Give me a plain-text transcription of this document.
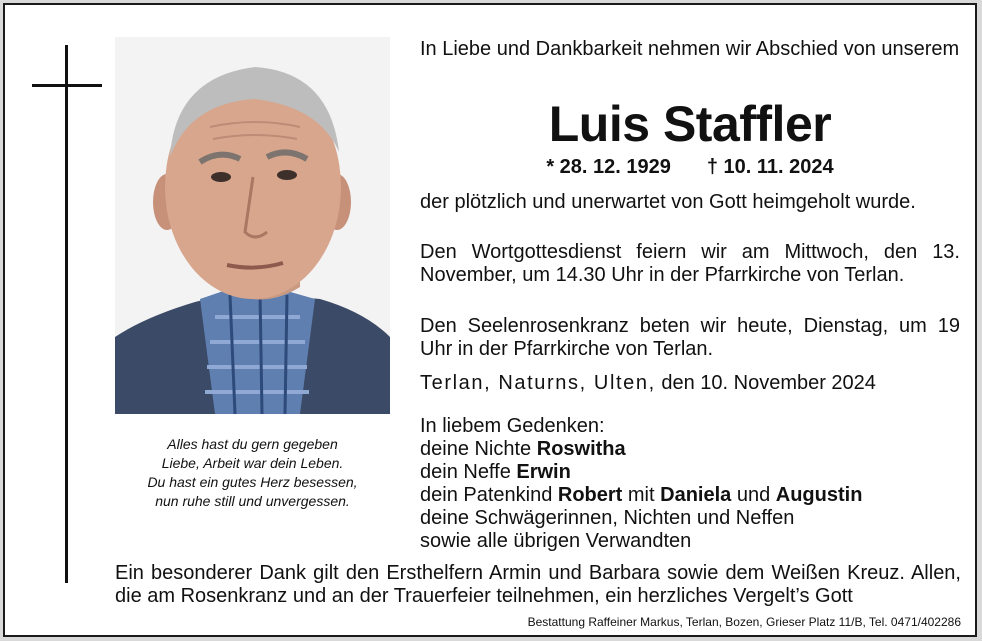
Alles hast du gern gegeben
Liebe, Arbeit war dein Leben.
Du hast ein gutes Herz besessen,
nun ruhe still und unvergessen.
In Liebe und Dankbarkeit nehmen wir Abschied von unserem
Luis Staffler
* 28. 12. 1929 † 10. 11. 2024
der plötzlich und unerwartet von Gott heimgeholt wurde.
Den Wortgottesdienst feiern wir am Mittwoch, den 13. November, um 14.30 Uhr in der Pfarrkirche von Terlan.
Den Seelenrosenkranz beten wir heute, Dienstag, um 19 Uhr in der Pfarrkirche von Terlan.
Terlan, Naturns, Ulten, den 10. November 2024
In liebem Gedenken:
deine Nichte Roswitha
dein Neffe Erwin
dein Patenkind Robert mit Daniela und Augustin
deine Schwägerinnen, Nichten und Neffen
sowie alle übrigen Verwandten
Ein besonderer Dank gilt den Ersthelfern Armin und Barbara sowie dem Weißen Kreuz. Allen, die am Rosenkranz und an der Trauerfeier teilnehmen, ein herzliches Vergelt’s Gott
Bestattung Raffeiner Markus, Terlan, Bozen, Grieser Platz 11/B, Tel. 0471/402286
